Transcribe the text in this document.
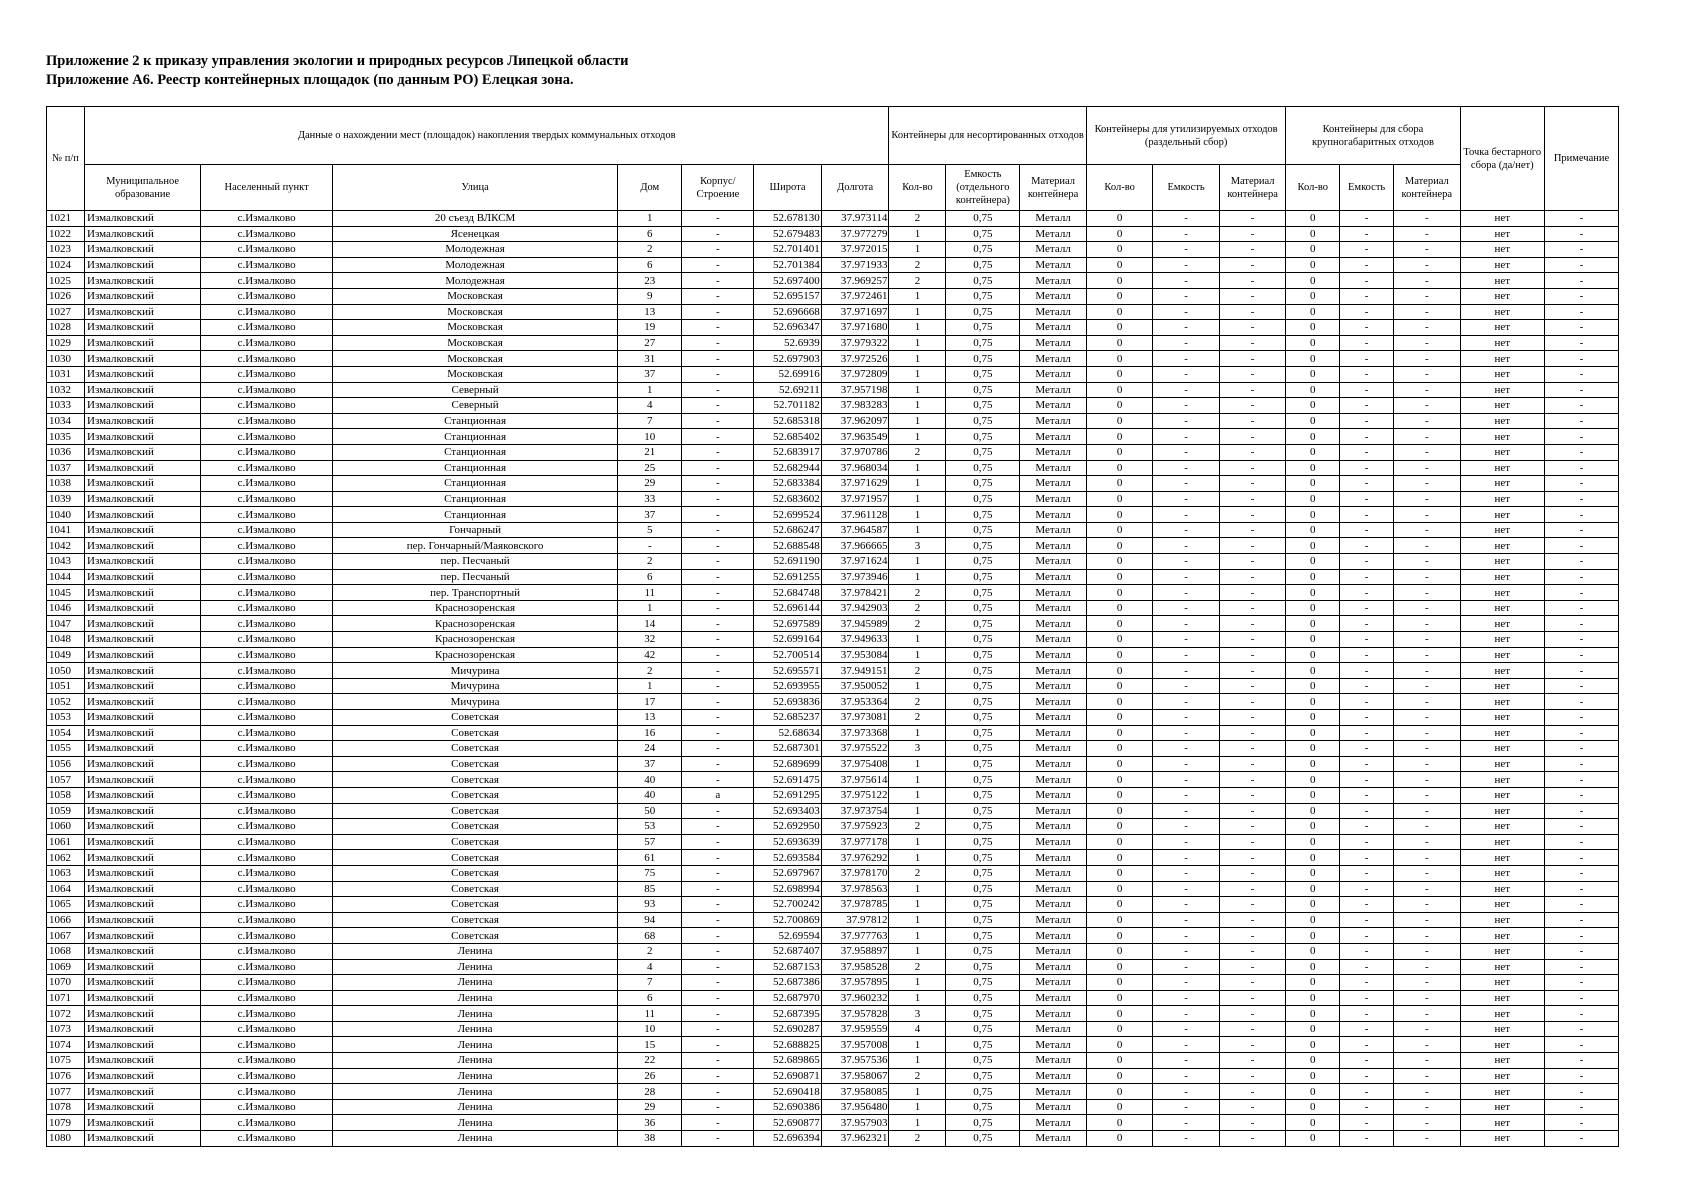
Приложение 2 к приказу управления экологии и природных ресурсов Липецкой области
Приложение А6. Реестр контейнерных площадок (по данным РО) Елецкая зона.
№ п/п	Данные о нахождении мест (площадок) накопления твердых коммунальных отходов							Контейнеры для несортированных отходов			Контейнеры для утилизируемых отходов (раздельный сбор)			Контейнеры для сбора крупногабаритных отходов			Точка бестарного сбора (да/нет)	Примечание
	Муниципальное образование	Населенный пункт	Улица	Дом	Корпус/ Строение	Широта	Долгота	Кол-во	Емкость (отдельного контейнера)	Материал контейнера	Кол-во	Емкость	Материал контейнера	Кол-во	Емкость	Материал контейнера		
1021	Измалковский	с.Измалково	20 съезд ВЛКСМ	1	-	52.678130	37.973114	2	0,75	Металл	0	-	-	0	-	-	нет	-
1022	Измалковский	с.Измалково	Ясенецкая	6	-	52.679483	37.977279	1	0,75	Металл	0	-	-	0	-	-	нет	-
1023	Измалковский	с.Измалково	Молодежная	2	-	52.701401	37.972015	1	0,75	Металл	0	-	-	0	-	-	нет	-
1024	Измалковский	с.Измалково	Молодежная	6	-	52.701384	37.971933	2	0,75	Металл	0	-	-	0	-	-	нет	-
1025	Измалковский	с.Измалково	Молодежная	23	-	52.697400	37.969257	2	0,75	Металл	0	-	-	0	-	-	нет	-
1026	Измалковский	с.Измалково	Московская	9	-	52.695157	37.972461	1	0,75	Металл	0	-	-	0	-	-	нет	-
1027	Измалковский	с.Измалково	Московская	13	-	52.696668	37.971697	1	0,75	Металл	0	-	-	0	-	-	нет	-
1028	Измалковский	с.Измалково	Московская	19	-	52.696347	37.971680	1	0,75	Металл	0	-	-	0	-	-	нет	-
1029	Измалковский	с.Измалково	Московская	27	-	52.6939	37.979322	1	0,75	Металл	0	-	-	0	-	-	нет	-
1030	Измалковский	с.Измалково	Московская	31	-	52.697903	37.972526	1	0,75	Металл	0	-	-	0	-	-	нет	-
1031	Измалковский	с.Измалково	Московская	37	-	52.69916	37.972809	1	0,75	Металл	0	-	-	0	-	-	нет	-
1032	Измалковский	с.Измалково	Северный	1	-	52.69211	37.957198	1	0,75	Металл	0	-	-	0	-	-	нет	-
1033	Измалковский	с.Измалково	Северный	4	-	52.701182	37.983283	1	0,75	Металл	0	-	-	0	-	-	нет	-
1034	Измалковский	с.Измалково	Станционная	7	-	52.685318	37.962097	1	0,75	Металл	0	-	-	0	-	-	нет	-
1035	Измалковский	с.Измалково	Станционная	10	-	52.685402	37.963549	1	0,75	Металл	0	-	-	0	-	-	нет	-
1036	Измалковский	с.Измалково	Станционная	21	-	52.683917	37.970786	2	0,75	Металл	0	-	-	0	-	-	нет	-
1037	Измалковский	с.Измалково	Станционная	25	-	52.682944	37.968034	1	0,75	Металл	0	-	-	0	-	-	нет	-
1038	Измалковский	с.Измалково	Станционная	29	-	52.683384	37.971629	1	0,75	Металл	0	-	-	0	-	-	нет	-
1039	Измалковский	с.Измалково	Станционная	33	-	52.683602	37.971957	1	0,75	Металл	0	-	-	0	-	-	нет	-
1040	Измалковский	с.Измалково	Станционная	37	-	52.699524	37.961128	1	0,75	Металл	0	-	-	0	-	-	нет	-
1041	Измалковский	с.Измалково	Гончарный	5	-	52.686247	37.964587	1	0,75	Металл	0	-	-	0	-	-	нет	-
1042	Измалковский	с.Измалково	пер. Гончарный/Маяковского	-	-	52.688548	37.966665	3	0,75	Металл	0	-	-	0	-	-	нет	-
1043	Измалковский	с.Измалково	пер. Песчаный	2	-	52.691190	37.971624	1	0,75	Металл	0	-	-	0	-	-	нет	-
1044	Измалковский	с.Измалково	пер. Песчаный	6	-	52.691255	37.973946	1	0,75	Металл	0	-	-	0	-	-	нет	-
1045	Измалковский	с.Измалково	пер. Транспортный	11	-	52.684748	37.978421	2	0,75	Металл	0	-	-	0	-	-	нет	-
1046	Измалковский	с.Измалково	Краснозоренская	1	-	52.696144	37.942903	2	0,75	Металл	0	-	-	0	-	-	нет	-
1047	Измалковский	с.Измалково	Краснозоренская	14	-	52.697589	37.945989	2	0,75	Металл	0	-	-	0	-	-	нет	-
1048	Измалковский	с.Измалково	Краснозоренская	32	-	52.699164	37.949633	1	0,75	Металл	0	-	-	0	-	-	нет	-
1049	Измалковский	с.Измалково	Краснозоренская	42	-	52.700514	37.953084	1	0,75	Металл	0	-	-	0	-	-	нет	-
1050	Измалковский	с.Измалково	Мичурина	2	-	52.695571	37.949151	2	0,75	Металл	0	-	-	0	-	-	нет	-
1051	Измалковский	с.Измалково	Мичурина	1	-	52.693955	37.950052	1	0,75	Металл	0	-	-	0	-	-	нет	-
1052	Измалковский	с.Измалково	Мичурина	17	-	52.693836	37.953364	2	0,75	Металл	0	-	-	0	-	-	нет	-
1053	Измалковский	с.Измалково	Советская	13	-	52.685237	37.973081	2	0,75	Металл	0	-	-	0	-	-	нет	-
1054	Измалковский	с.Измалково	Советская	16	-	52.68634	37.973368	1	0,75	Металл	0	-	-	0	-	-	нет	-
1055	Измалковский	с.Измалково	Советская	24	-	52.687301	37.975522	3	0,75	Металл	0	-	-	0	-	-	нет	-
1056	Измалковский	с.Измалково	Советская	37	-	52.689699	37.975408	1	0,75	Металл	0	-	-	0	-	-	нет	-
1057	Измалковский	с.Измалково	Советская	40	-	52.691475	37.975614	1	0,75	Металл	0	-	-	0	-	-	нет	-
1058	Измалковский	с.Измалково	Советская	40	а	52.691295	37.975122	1	0,75	Металл	0	-	-	0	-	-	нет	-
1059	Измалковский	с.Измалково	Советская	50	-	52.693403	37.973754	1	0,75	Металл	0	-	-	0	-	-	нет	-
1060	Измалковский	с.Измалково	Советская	53	-	52.692950	37.975923	2	0,75	Металл	0	-	-	0	-	-	нет	-
1061	Измалковский	с.Измалково	Советская	57	-	52.693639	37.977178	1	0,75	Металл	0	-	-	0	-	-	нет	-
1062	Измалковский	с.Измалково	Советская	61	-	52.693584	37.976292	1	0,75	Металл	0	-	-	0	-	-	нет	-
1063	Измалковский	с.Измалково	Советская	75	-	52.697967	37.978170	2	0,75	Металл	0	-	-	0	-	-	нет	-
1064	Измалковский	с.Измалково	Советская	85	-	52.698994	37.978563	1	0,75	Металл	0	-	-	0	-	-	нет	-
1065	Измалковский	с.Измалково	Советская	93	-	52.700242	37.978785	1	0,75	Металл	0	-	-	0	-	-	нет	-
1066	Измалковский	с.Измалково	Советская	94	-	52.700869	37.97812	1	0,75	Металл	0	-	-	0	-	-	нет	-
1067	Измалковский	с.Измалково	Советская	68	-	52.69594	37.977763	1	0,75	Металл	0	-	-	0	-	-	нет	-
1068	Измалковский	с.Измалково	Ленина	2	-	52.687407	37.958897	1	0,75	Металл	0	-	-	0	-	-	нет	-
1069	Измалковский	с.Измалково	Ленина	4	-	52.687153	37.958528	2	0,75	Металл	0	-	-	0	-	-	нет	-
1070	Измалковский	с.Измалково	Ленина	7	-	52.687386	37.957895	1	0,75	Металл	0	-	-	0	-	-	нет	-
1071	Измалковский	с.Измалково	Ленина	6	-	52.687970	37.960232	1	0,75	Металл	0	-	-	0	-	-	нет	-
1072	Измалковский	с.Измалково	Ленина	11	-	52.687395	37.957828	3	0,75	Металл	0	-	-	0	-	-	нет	-
1073	Измалковский	с.Измалково	Ленина	10	-	52.690287	37.959559	4	0,75	Металл	0	-	-	0	-	-	нет	-
1074	Измалковский	с.Измалково	Ленина	15	-	52.688825	37.957008	1	0,75	Металл	0	-	-	0	-	-	нет	-
1075	Измалковский	с.Измалково	Ленина	22	-	52.689865	37.957536	1	0,75	Металл	0	-	-	0	-	-	нет	-
1076	Измалковский	с.Измалково	Ленина	26	-	52.690871	37.958067	2	0,75	Металл	0	-	-	0	-	-	нет	-
1077	Измалковский	с.Измалково	Ленина	28	-	52.690418	37.958085	1	0,75	Металл	0	-	-	0	-	-	нет	-
1078	Измалковский	с.Измалково	Ленина	29	-	52.690386	37.956480	1	0,75	Металл	0	-	-	0	-	-	нет	-
1079	Измалковский	с.Измалково	Ленина	36	-	52.690877	37.957903	1	0,75	Металл	0	-	-	0	-	-	нет	-
1080	Измалковский	с.Измалково	Ленина	38	-	52.696394	37.962321	2	0,75	Металл	0	-	-	0	-	-	нет	-
